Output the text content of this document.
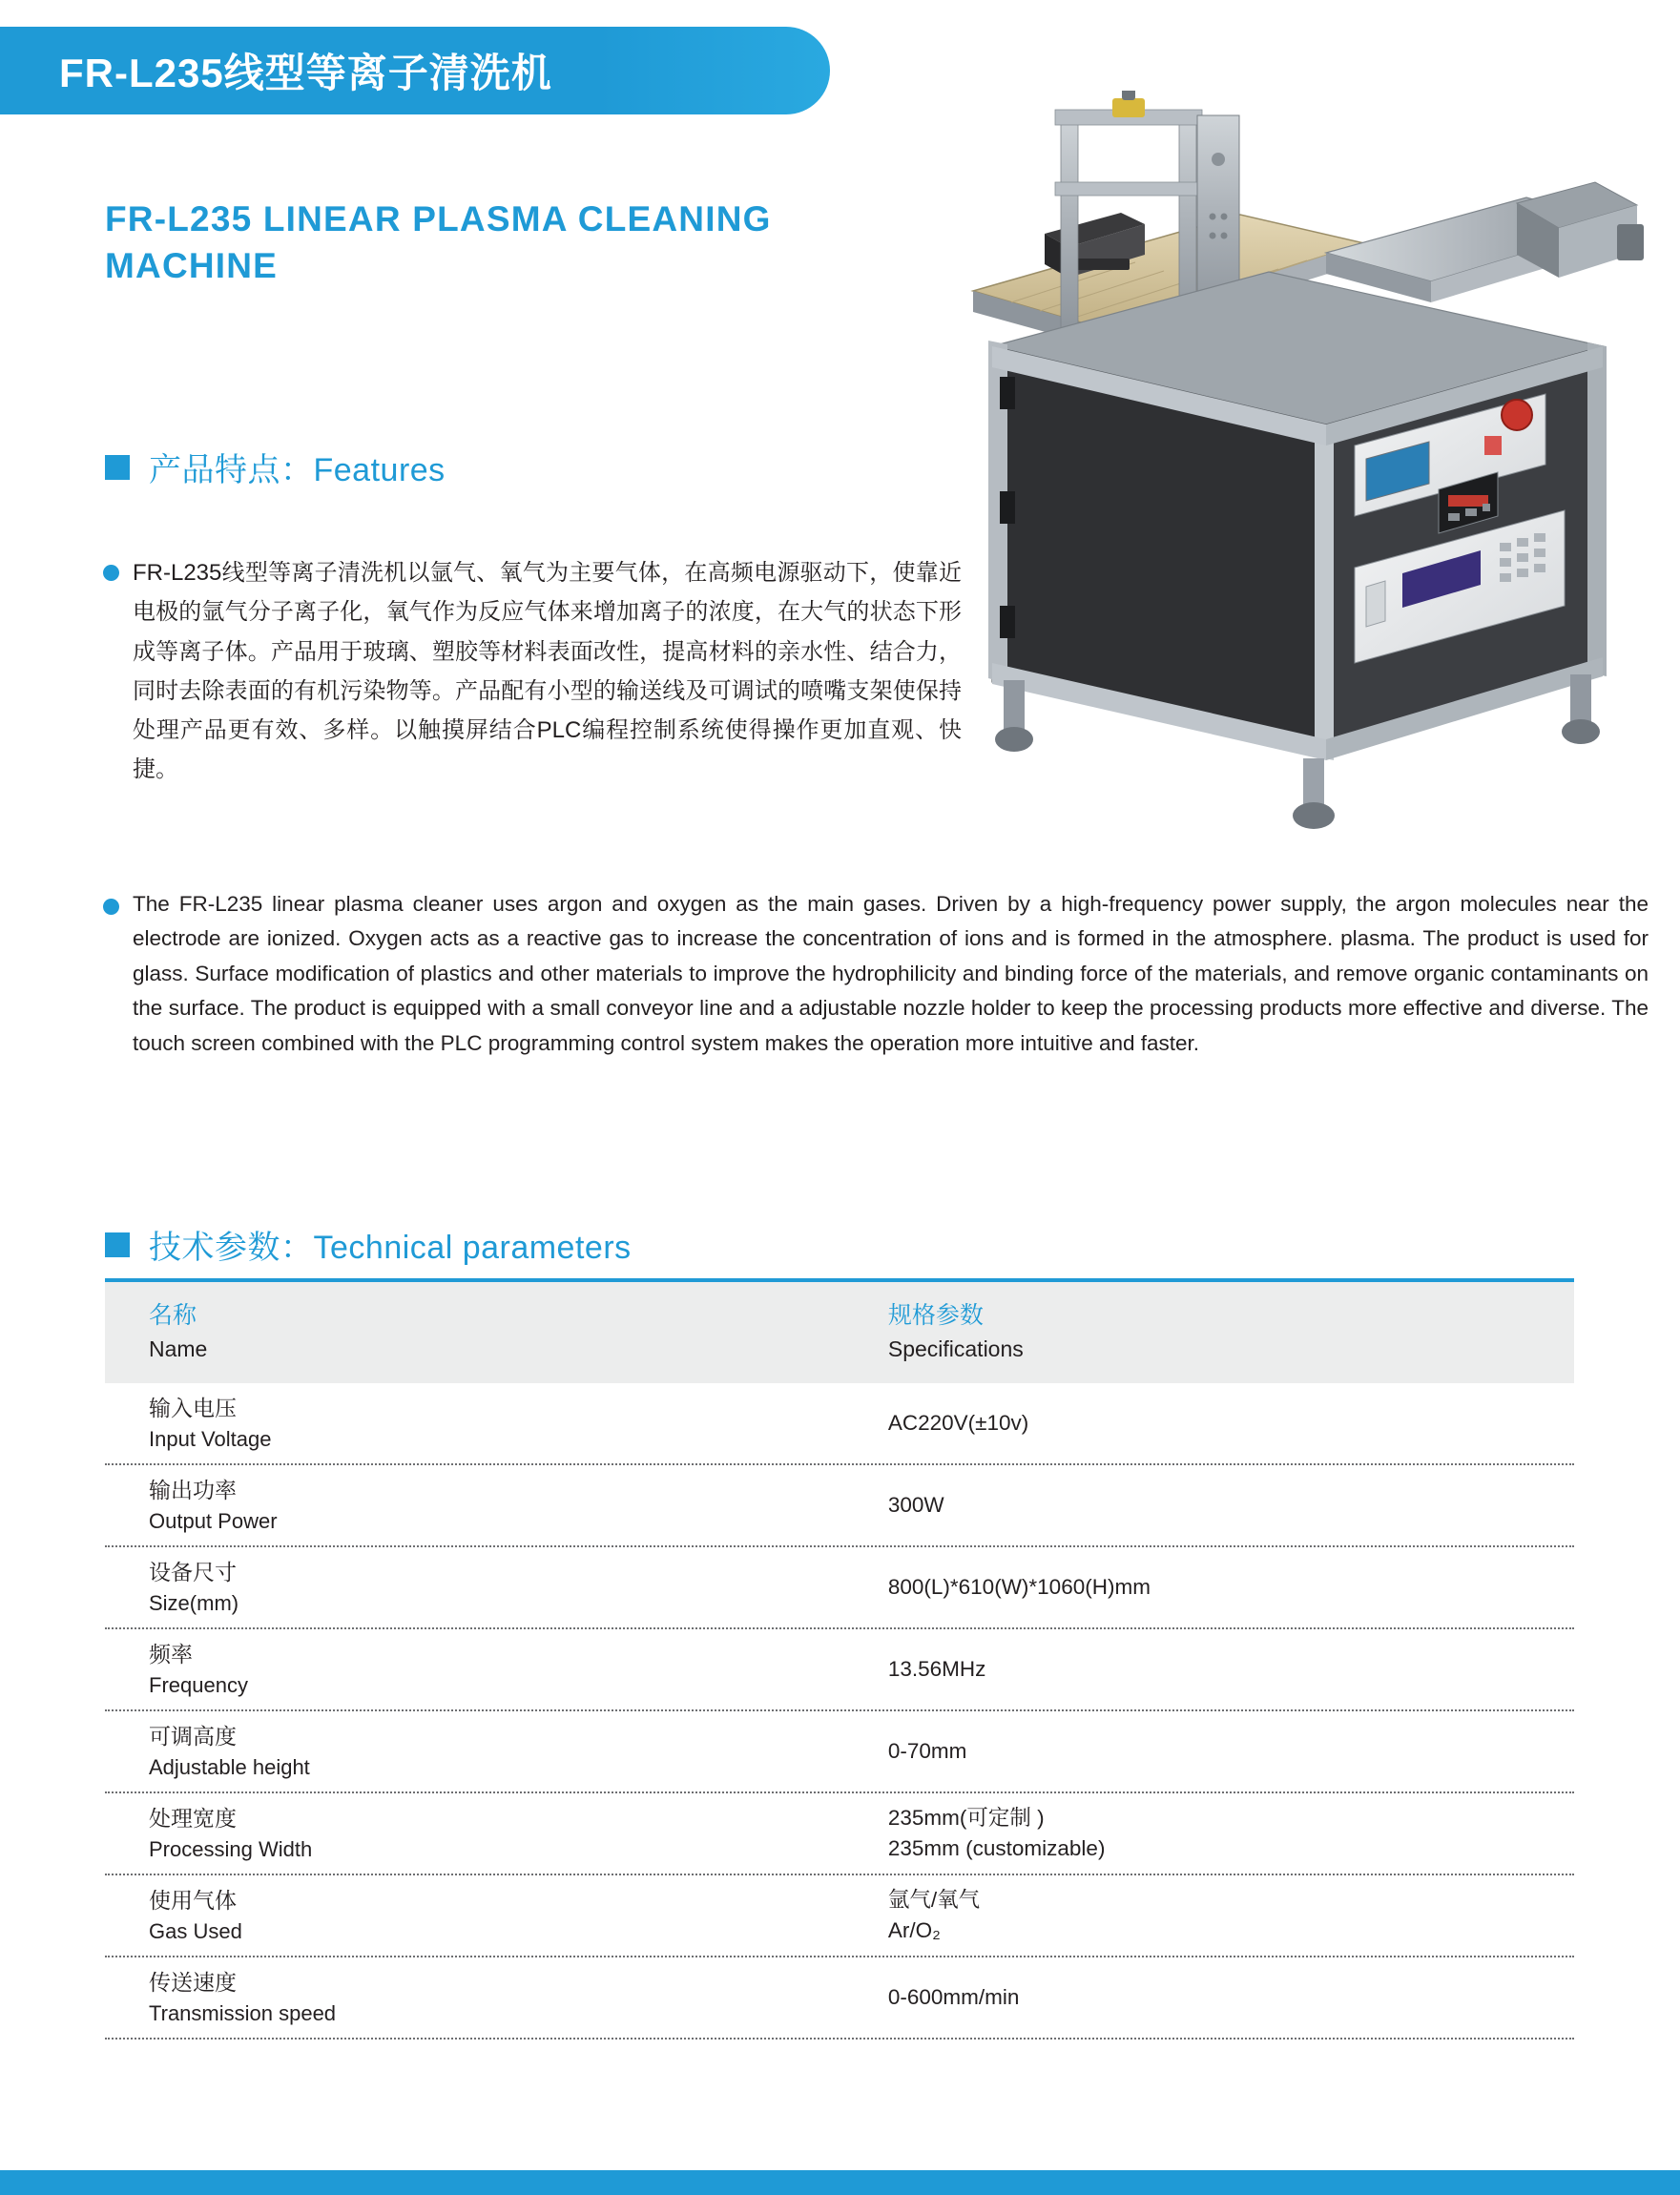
FR-L235线型等离子清洗机
FR-L235 LINEAR PLASMA CLEANING MACHINE
产品特点：Features
FR-L235线型等离子清洗机以氩气、氧气为主要气体，在高频电源驱动下，使靠近电极的氩气分子离子化，氧气作为反应气体来增加离子的浓度，在大气的状态下形成等离子体。产品用于玻璃、塑胶等材料表面改性，提高材料的亲水性、结合力，同时去除表面的有机污染物等。产品配有小型的输送线及可调试的喷嘴支架使保持处理产品更有效、多样。以触摸屏结合PLC编程控制系统使得操作更加直观、快捷。
The FR-L235 linear plasma cleaner uses argon and oxygen as the main gases. Driven by a high-frequency power supply, the argon molecules near the electrode are ionized. Oxygen acts as a reactive gas to increase the concentration of ions and is formed in the atmosphere. plasma. The product is used for glass. Surface modification of plastics and other materials to improve the hydrophilicity and binding force of the materials, and remove organic contaminants on the surface. The product is equipped with a small conveyor line and a adjustable nozzle holder to keep the processing products more effective and diverse. The touch screen combined with the PLC programming control system makes the operation more intuitive and faster.
技术参数：Technical parameters
名称
Name
规格参数
Specifications
输入电压
Input Voltage
AC220V(±10v)
输出功率
Output Power
300W
设备尺寸
Size(mm)
800(L)*610(W)*1060(H)mm
频率
Frequency
13.56MHz
可调高度
Adjustable height
0-70mm
处理宽度
Processing Width
235mm(可定制 )
235mm (customizable)
使用气体
Gas Used
氩气/氧气
Ar/O₂
传送速度
Transmission speed
0-600mm/min
